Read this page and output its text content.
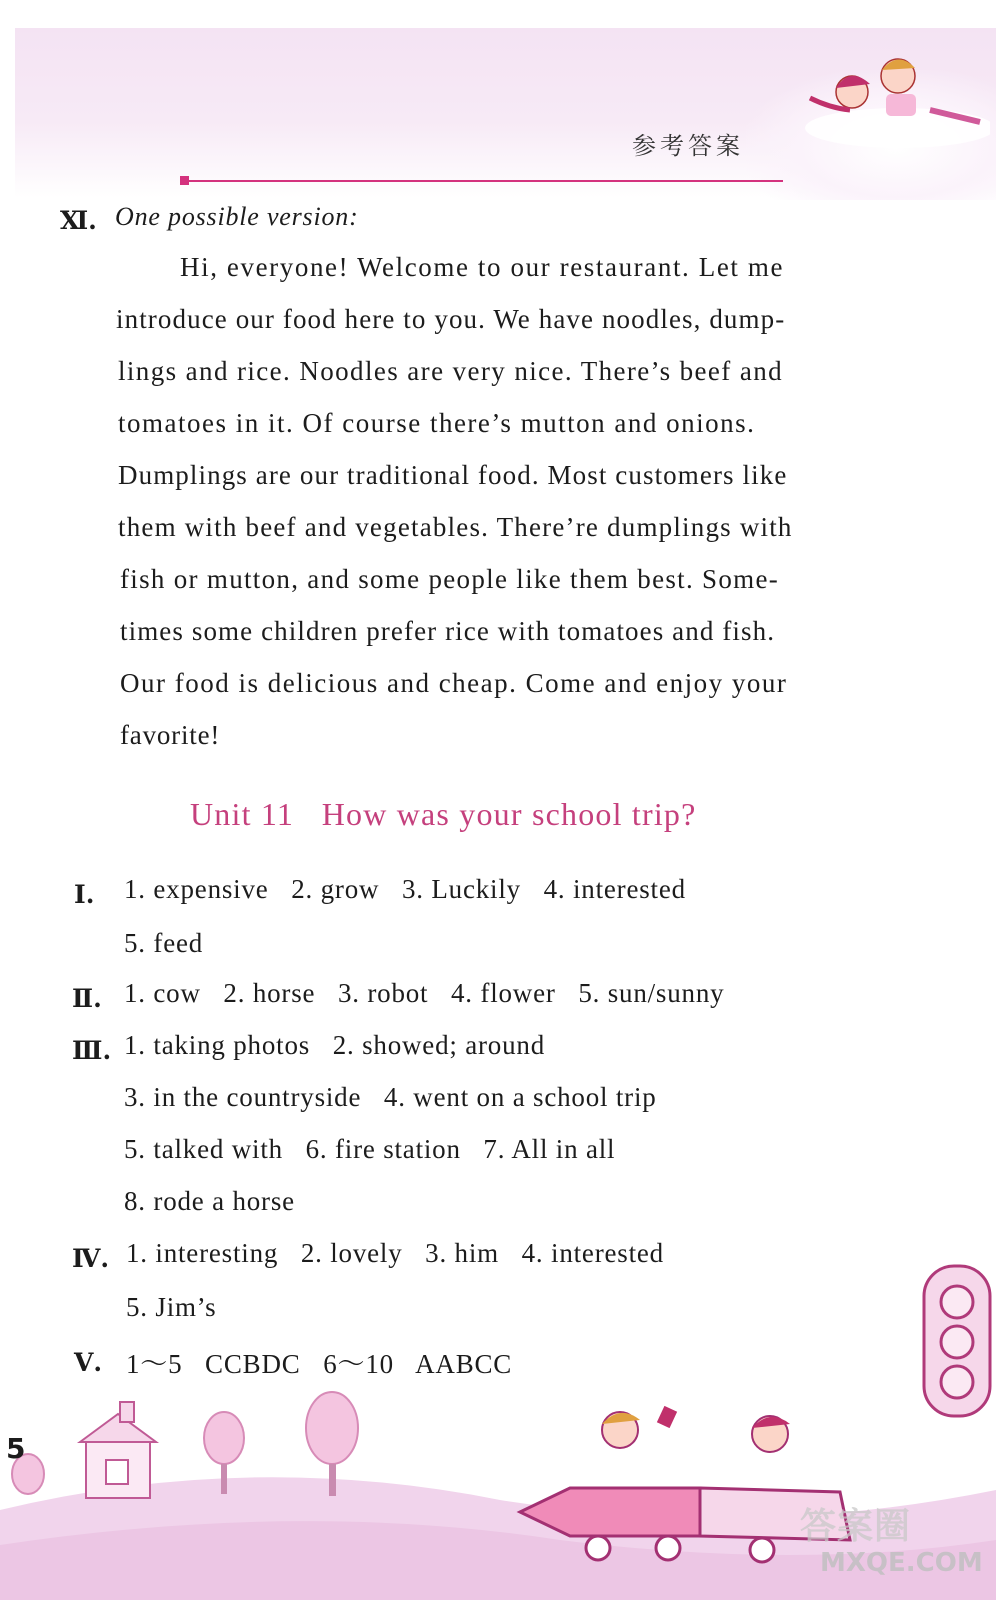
参考答案
Ⅺ. One possible version:
Hi, everyone! Welcome to our restaurant. Let me
introduce our food here to you. We have noodles, dump-
lings and rice. Noodles are very nice. There’s beef and
tomatoes in it. Of course there’s mutton and onions.
Dumplings are our traditional food. Most customers like
them with beef and vegetables. There’re dumplings with
fish or mutton, and some people like them best. Some-
times some children prefer rice with tomatoes and fish.
Our food is delicious and cheap. Come and enjoy your
favorite!
Unit 11   How was your school trip?
Ⅰ. 1. expensive   2. grow   3. Luckily   4. interested
5. feed
Ⅱ. 1. cow   2. horse   3. robot   4. flower   5. sun/sunny
Ⅲ. 1. taking photos   2. showed; around
3. in the countryside   4. went on a school trip
5. talked with   6. fire station   7. All in all
8. rode a horse
Ⅳ. 1. interesting   2. lovely   3. him   4. interested
5. Jim’s
Ⅴ. 1～5   CCBDC   6～10   AABCC
5
答案圈
MXQE.COM
